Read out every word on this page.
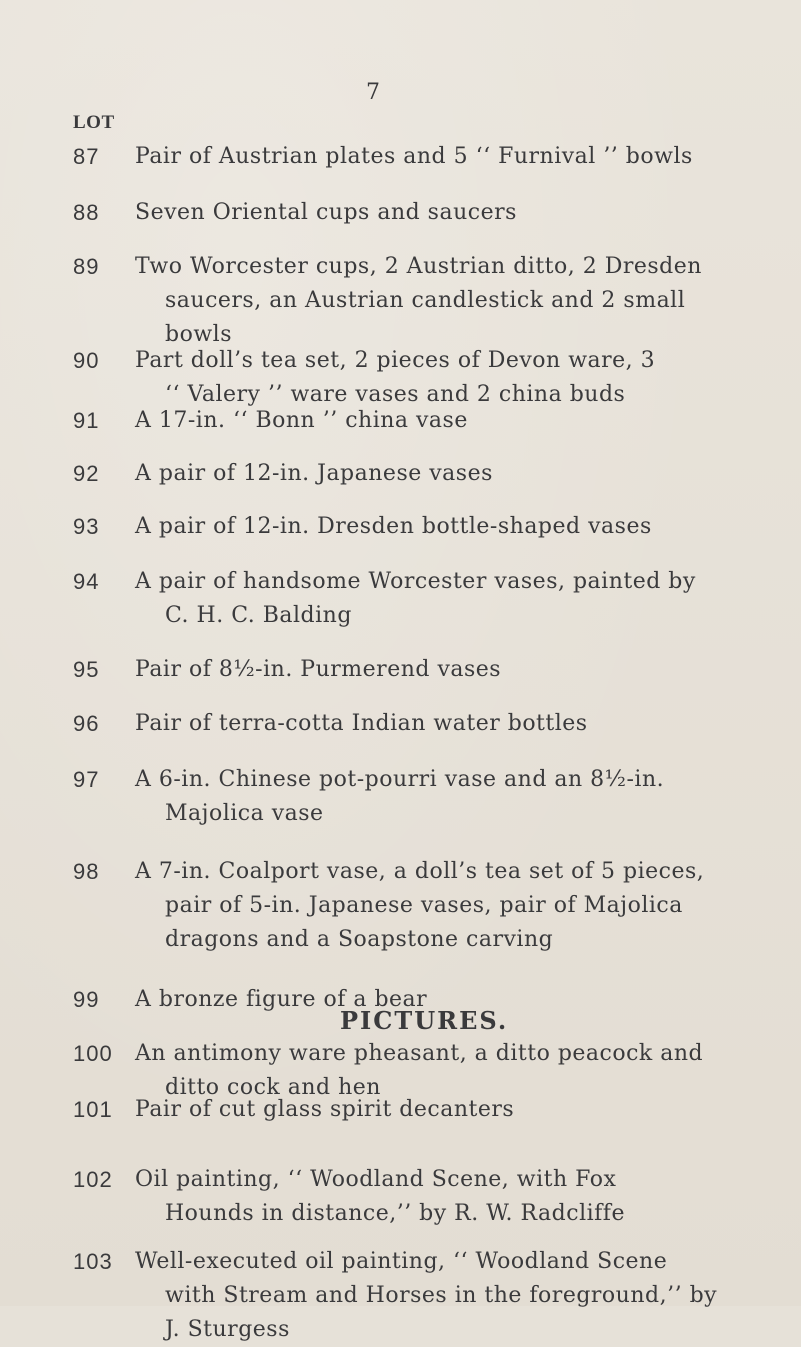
7
LOT
87 Pair of Austrian plates and 5 ‘‘ Furnival ’’ bowls
88 Seven Oriental cups and saucers
89 Two Worcester cups, 2 Austrian ditto, 2 Dresden
saucers, an Austrian candlestick and 2 small
bowls
90 Part doll’s tea set, 2 pieces of Devon ware, 3
‘‘ Valery ’’ ware vases and 2 china buds
91 A 17-in. ‘‘ Bonn ’’ china vase
92 A pair of 12-in. Japanese vases
93 A pair of 12-in. Dresden bottle-shaped vases
94 A pair of handsome Worcester vases, painted by
C. H. C. Balding
95 Pair of 8½-in. Purmerend vases
96 Pair of terra-cotta Indian water bottles
97 A 6-in. Chinese pot-pourri vase and an 8½-in.
Majolica vase
98 A 7-in. Coalport vase, a doll’s tea set of 5 pieces,
pair of 5-in. Japanese vases, pair of Majolica
dragons and a Soapstone carving
99 A bronze figure of a bear
100 An antimony ware pheasant, a ditto peacock and
ditto cock and hen
101 Pair of cut glass spirit decanters
102 Oil painting, ‘‘ Woodland Scene, with Fox
Hounds in distance,’’ by R. W. Radcliffe
103 Well-executed oil painting, ‘‘ Woodland Scene
with Stream and Horses in the foreground,’’ by
J. Sturgess
PICTURES.
